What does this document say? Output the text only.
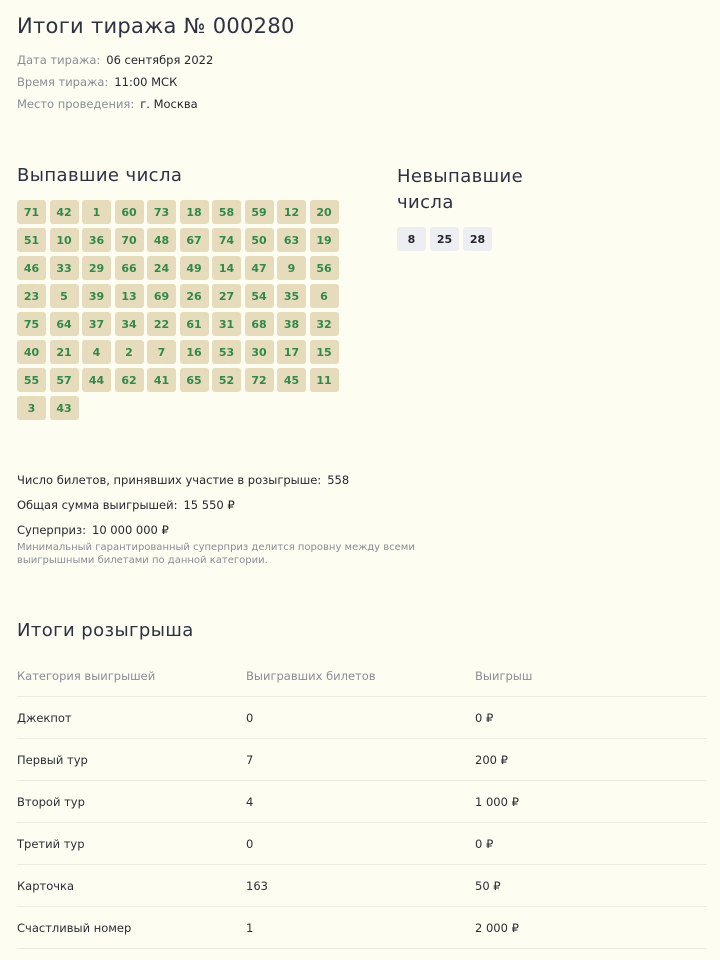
Итоги тиража № 000280
Дата тиража: 06 сентября 2022
Время тиража: 11:00 МСК
Место проведения: г. Москва
Выпавшие числа
71	42	1	60	73	18	58	59	12	20
51	10	36	70	48	67	74	50	63	19
46	33	29	66	24	49	14	47	9	56
23	5	39	13	69	26	27	54	35	6
75	64	37	34	22	61	31	68	38	32
40	21	4	2	7	16	53	30	17	15
55	57	44	62	41	65	52	72	45	11
3	43
Невыпавшие числа
8	25	28
Число билетов, принявших участие в розыгрыше: 558
Общая сумма выигрышей: 15 550 ₽
Суперприз: 10 000 000 ₽
Минимальный гарантированный суперприз делится поровну между всеми выигрышными билетами по данной категории.
Итоги розыгрыша
Категория выигрышей	Выигравших билетов	Выигрыш
Джекпот	0	0 ₽
Первый тур	7	200 ₽
Второй тур	4	1 000 ₽
Третий тур	0	0 ₽
Карточка	163	50 ₽
Счастливый номер	1	2 000 ₽
